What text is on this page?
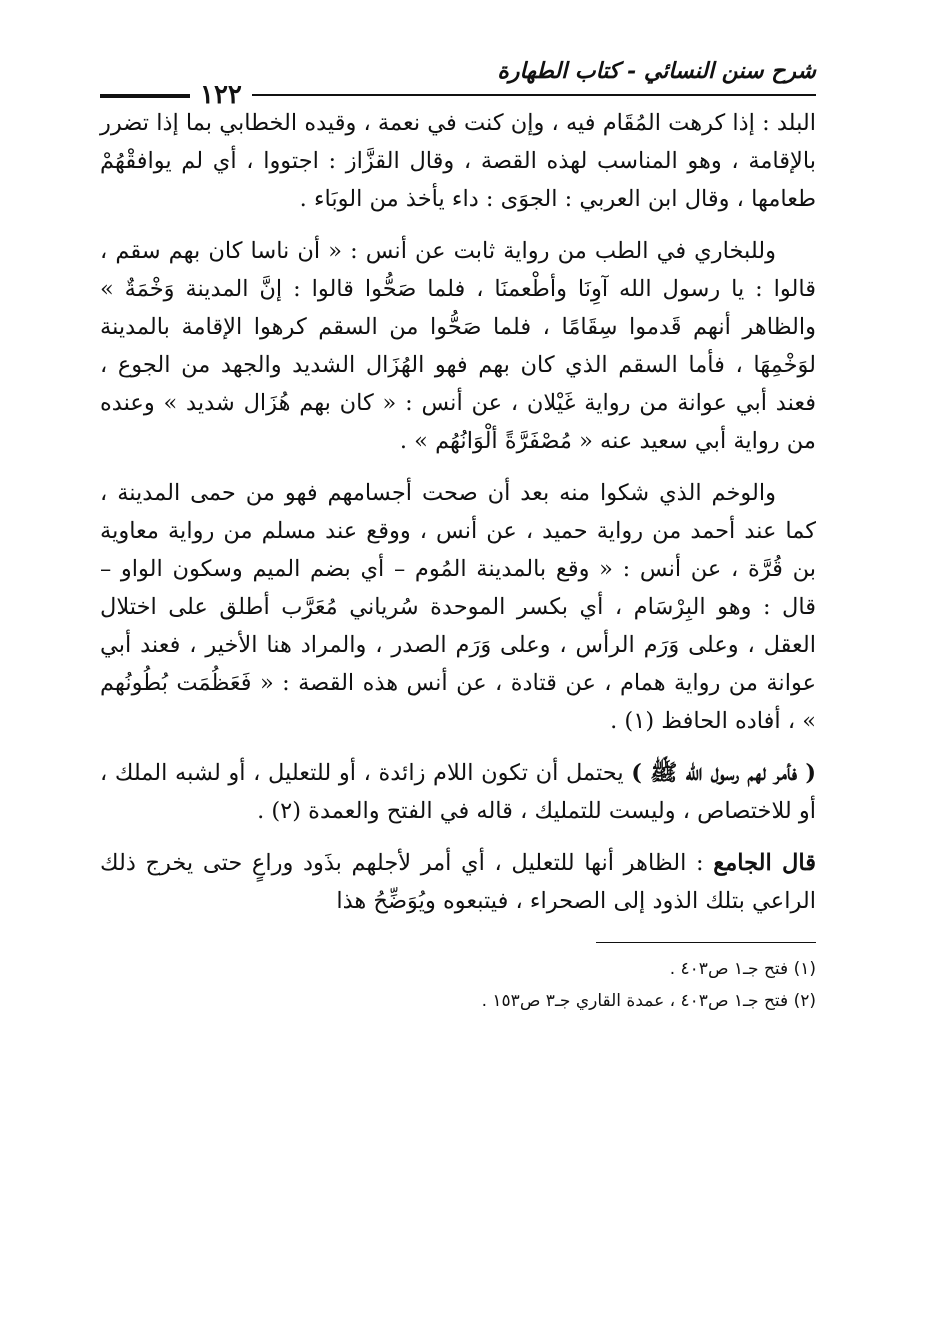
شرح سنن النسائي - كتاب الطهارة
١٢٢

البلد : إذا كرهت المُقَام فيه ، وإن كنت في نعمة ، وقيده الخطابي بما إذا تضرر بالإقامة ، وهو المناسب لهذه القصة ، وقال القزَّاز : اجتووا ، أي لم يوافقْهُمْ طعامها ، وقال ابن العربي : الجوَى : داء يأخذ من الوبَاء .

وللبخاري في الطب من رواية ثابت عن أنس : « أن ناسا كان بهم سقم ، قالوا : يا رسول الله آوِنَا وأطْعمنَا ، فلما صَحُّوا قالوا : إنَّ المدينة وَخْمَةٌ » والظاهر أنهم قَدموا سِقَامًا ، فلما صَحُّوا من السقم كرهوا الإقامة بالمدينة لوَخْمِهَا ، فأما السقم الذي كان بهم فهو الهُزَال الشديد والجهد من الجوع ، فعند أبي عوانة من رواية غَيْلان ، عن أنس : « كان بهم هُزَال شديد » وعنده من رواية أبي سعيد عنه « مُصْفَرَّةً ألْوَانُهُم » .

والوخم الذي شكوا منه بعد أن صحت أجسامهم فهو من حمى المدينة ، كما عند أحمد من رواية حميد ، عن أنس ، ووقع عند مسلم من رواية معاوية بن قُرَّة ، عن أنس : « وقع بالمدينة المُوم – أي بضم الميم وسكون الواو – قال : وهو البِرْسَام ، أي بكسر الموحدة سُرياني مُعَرَّب أطلق على اختلال العقل ، وعلى وَرَم الرأس ، وعلى وَرَم الصدر ، والمراد هنا الأخير ، فعند أبي عوانة من رواية همام ، عن قتادة ، عن أنس هذه القصة : « فَعَظُمَت بُطُونُهم » ، أفاده الحافظ (١) .

( فأمر لهم رسول الله ﷺ ) يحتمل أن تكون اللام زائدة ، أو للتعليل ، أو لشبه الملك ، أو للاختصاص ، وليست للتمليك ، قاله في الفتح والعمدة (٢) .

قال الجامع : الظاهر أنها للتعليل ، أي أمر لأجلهم بذَود وراعٍ حتى يخرج ذلك الراعي بتلك الذود إلى الصحراء ، فيتبعوه ويُوَضِّحُ هذا

(١) فتح جـ١ ص٤٠٣ .

(٢) فتح جـ١ ص٤٠٣ ، عمدة القاري جـ٣ ص١٥٣ .
